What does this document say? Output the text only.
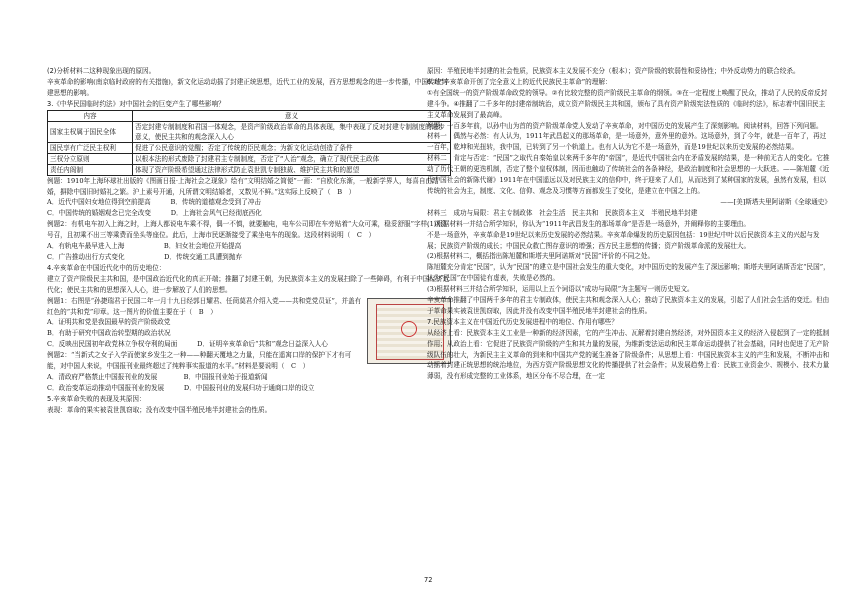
(2)分析材料二这种现象出现的原因。

辛亥革命的影响(南京临时政府的有关措施)，新文化运动动摇了封建正统思想，近代工业的发展，西方思想观念的进一步传播，中国传统封建思想的影响。

3.《中华民国临时约法》对中国社会的巨变产生了哪些影响？

内容	意义
国家主权属于国民全体	否定封建专制制度和君国一体观念，是资产阶级政治革命的具体表现，集中表现了反对封建专制制度的进步意义，使民主共和的观念深入人心
国民享有广泛民主权利	促进了公民意识的觉醒；否定了传统的臣民观念；为新文化运动创造了条件
三权分立原则	以根本法的形式废除了封建君主专制制度，否定了“人治”观念，确立了现代民主政体
责任内阁制	体现了资产阶级希望通过法律形式防止袁世凯专制独裁、维护民主共和的愿望

例题：1910年上海环球社出版的《图画日报·上海社会之现象》绘有“文明结婚之简便”一画：“自欧化东渐，一般新学界人，每喜自由结婚，摒除中国旧时婚礼之繁。沪上素号开通，凡所谓文明结婚者，又数见不鲜。”这实际上反映了（　B　）

A．近代中国妇女地位得到空前提高　　　B．传统的道德观念受到了冲击

C．中国传统的婚姻观念已完全改变　　　D．上海社会风气已经彻底西化

例题2：有机电车初入上海之时，上海人都说电车乘不得，偶一不慎，就要触电，电车公司即在车旁贴着“大众可乘，稳妥舒服”字样，以资号召，且初乘不出三等乘费而坐头等座位。此后，上海市民逐渐接受了乘坐电车的现象。这段材料说明（　C　）

A．有轨电车最早进入上海　　　　　　B．妇女社会地位开始提高

C．广告推动出行方式变化　　　　　　D．传统交通工具遭到抛弃

4.辛亥革命在中国近代化中的历史地位：

建立了资产阶级民主共和国，是中国政治近代化的真正开端；推翻了封建王朝，为民族资本主义的发展扫除了一些障碍，有利于中国经济近代化；使民主共和的思想深入人心，进一步解放了人们的思想。

例题1：右图是“孙捷瑞君于民国二年一月十九日经郭日耀君、任茼莫君介绍入党——共和党党员证”，并盖有红色的“共和党”印章。这一图片的价值主要在于（　B　）

A．证明共和党是我国最早的资产阶级政党

B．有助于研究中国政治转型期的政治状况

C．反映出民国初年政党林立争权夺利的局面　　　D．证明辛亥革命后“共和”观念日益深入人心

例题2：“当新式之女子入学而使家乡发生之一种——种翻天覆地之力量，只能在遥寓口岸的保护下才有可能，对中国人来说，中国报刊业最终超过了纯粹事实报道的水平。”材料是要说明（　C　）

A．清政府严格禁止中国报刊业的发展　　　　B．中国报刊业始于报道新闻

C．政治变革运动推动中国报刊业的发展　　　D．中国报刊业的发展归功于通商口岸的设立

5.辛亥革命失败的表现及其原因：

表现：革命的果实被袁世凯窃取；没有改变中国半殖民地半封建社会的性质。

原因：半殖民地半封建的社会性质，民族资本主义发展不充分（根本）；资产阶级的软弱性和妥协性；中外反动势力的联合绞杀。

6.对“辛亥革命开创了完全意义上的近代民族民主革命”的理解：

①有全国统一的资产阶级革命政党的领导。②有比较完整的资产阶级民主革命的纲领。③在一定程度上唤醒了民众，推动了人民的反帝反封建斗争。④推翻了二千多年的封建帝制统治，成立资产阶级民主共和国，颁布了具有资产阶级宪法性质的《临时约法》，标志着中国旧民主主义革命发展到了最高峰。

例题：一百多年前，以孙中山为首的资产阶级革命党人发动了辛亥革命，对中国历史的发展产生了深刻影响。阅读材料，回答下列问题。

材料一　偶然与必然：有人认为，1911年武昌起义的那场革命，是一场意外，意外里的意外。这场意外，到了今年，就是一百年了，再过一百年，乾坤和光扭转，我中国，已转到了另一个轨道上。也有人认为它不是一场意外，而是19世纪以来历史发展的必然结果。

材料二　肯定与否定：“民国”之取代自秦始皇以来两千多年的“帝国”，是近代中国社会内在矛盾发展的结果，是一种前无古人的变化。它推动了历代王朝的更迭机制，否定了整个皇权体制，因而也触动了传统社会的各条神经，是政治制度和社会思想的一大跃进。——陈旭麓《近代中国社会的新陈代谢》1911年在中国遥远以及对民族主义的信仰中，终于迎来了人们，从而达到了某种国家的发展，虽然有发展，但以传统的社会为主，制度、文化、信仰、观念及习惯等方面都发生了变化，是建立在中国之上的。

——[美]斯塔夫里阿诺斯《全球通史》

材料三　成功与局限：君主专制政体　社会生活　民主共和　民族资本主义　半殖民地半封建

(1)根据材料一并结合所学知识，你认为“1911年武昌发生的那场革命”是否是一场意外，并阐释你的主要理由。

不是一场意外，辛亥革命是19世纪以来历史发展的必然结果。辛亥革命爆发的历史原因包括：19世纪中叶以后民族资本主义的兴起与发展；民族资产阶级的成长；中国民众救亡图存意识的增强；西方民主思想的传播；资产阶级革命派的发展壮大。

(2)根据材料二，概括指出陈旭麓和斯塔夫里阿诺斯对“民国”评价的不同之处。

陈旭麓充分肯定“民国”，认为“民国”的建立是中国社会发生的重大变化，对中国历史的发展产生了深远影响；斯塔夫里阿诺斯否定“民国”，认为“民国”在中国徒有虚表，失败是必然的。

(3)根据材料三并结合所学知识，运用以上五个词语以“成功与局限”为主题写一则历史短文。

辛亥革命推翻了中国两千多年的君主专制政体，使民主共和观念深入人心；推动了民族资本主义的发展，引起了人们社会生活的变迁。但由于革命果实被袁世凯窃取，因此并没有改变中国半殖民地半封建社会的性质。

7.民族资本主义在中国近代历史发展进程中的地位、作用有哪些？

从经济上看：民族资本主义工业是一种新的经济因素，它的产生冲击、瓦解着封建自然经济，对外国资本主义的经济入侵起到了一定的抵制作用；从政治上看：它促进了民族资产阶级的产生和其力量的发展，为维新变法运动和民主革命运动提供了社会基础，同时也促进了无产阶级队伍的壮大，为新民主主义革命的到来和中国共产党的诞生准备了阶级条件；从思想上看：中国民族资本主义的产生和发展，不断冲击和动摇着封建正统思想的统治地位，为西方资产阶级思想文化的传播提供了社会条件；从发展趋势上看：民族工业资金少、规模小、技术力量薄弱，没有形成完整的工业体系，地区分布不尽合理，在一定

72
